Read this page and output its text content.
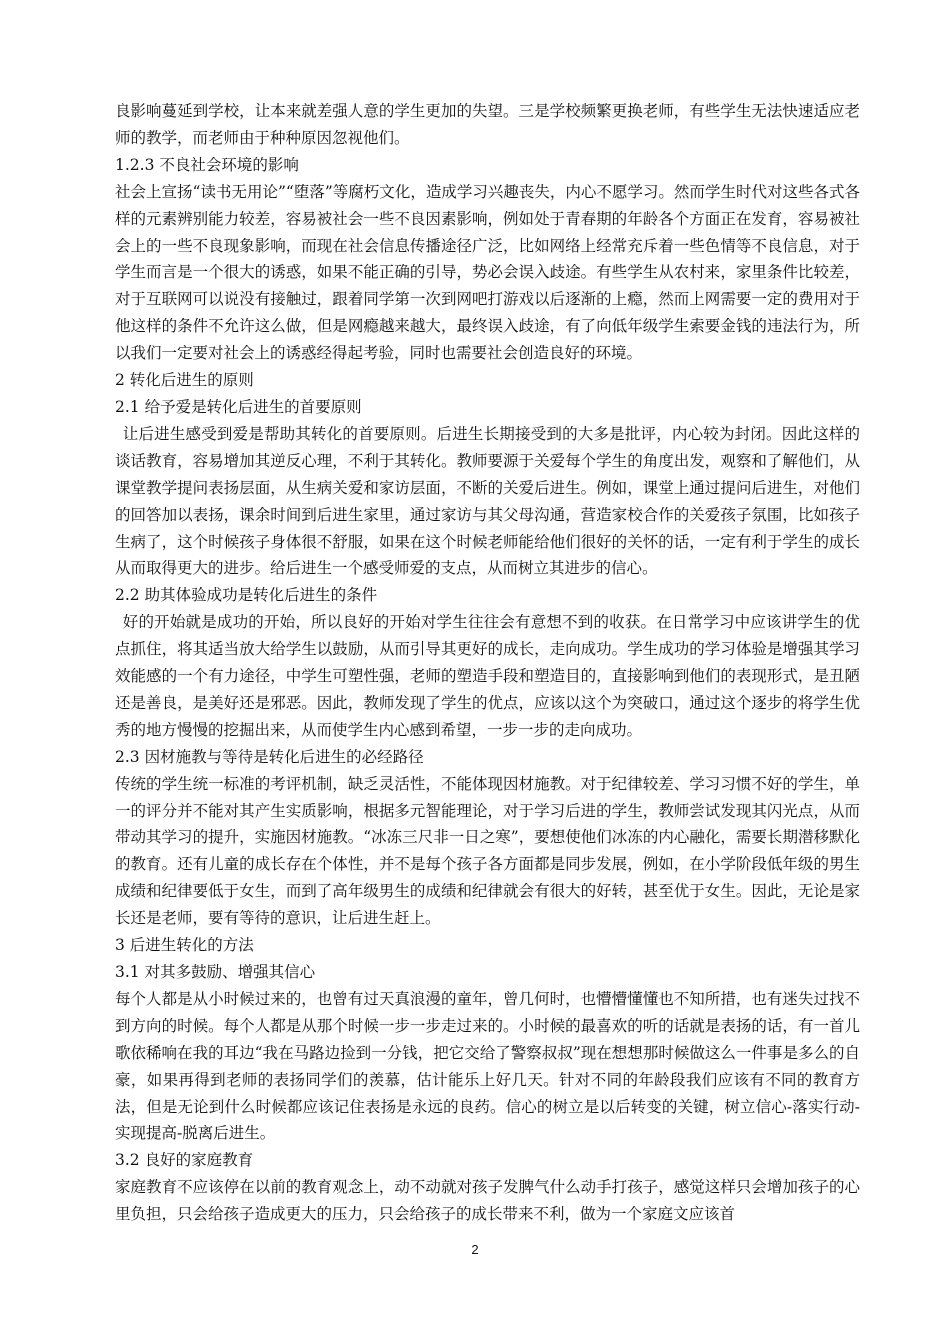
良影响蔓延到学校，让本来就差强人意的学生更加的失望。三是学校频繁更换老师，有些学生无法快速适应老师的教学，而老师由于种种原因忽视他们。

1.2.3 不良社会环境的影响

社会上宣扬“读书无用论”“堕落”等腐朽文化，造成学习兴趣丧失，内心不愿学习。然而学生时代对这些各式各样的元素辨别能力较差，容易被社会一些不良因素影响，例如处于青春期的年龄各个方面正在发育，容易被社会上的一些不良现象影响，而现在社会信息传播途径广泛，比如网络上经常充斥着一些色情等不良信息，对于学生而言是一个很大的诱惑，如果不能正确的引导，势必会误入歧途。有些学生从农村来，家里条件比较差，对于互联网可以说没有接触过，跟着同学第一次到网吧打游戏以后逐渐的上瘾，然而上网需要一定的费用对于他这样的条件不允许这么做，但是网瘾越来越大，最终误入歧途，有了向低年级学生索要金钱的违法行为，所以我们一定要对社会上的诱惑经得起考验，同时也需要社会创造良好的环境。

2 转化后进生的原则

2.1 给予爱是转化后进生的首要原则

让后进生感受到爱是帮助其转化的首要原则。后进生长期接受到的大多是批评，内心较为封闭。因此这样的谈话教育，容易增加其逆反心理，不利于其转化。教师要源于关爱每个学生的角度出发，观察和了解他们，从课堂教学提问表扬层面，从生病关爱和家访层面，不断的关爱后进生。例如，课堂上通过提问后进生，对他们的回答加以表扬，课余时间到后进生家里，通过家访与其父母沟通，营造家校合作的关爱孩子氛围，比如孩子生病了，这个时候孩子身体很不舒服，如果在这个时候老师能给他们很好的关怀的话，一定有利于学生的成长从而取得更大的进步。给后进生一个感受师爱的支点，从而树立其进步的信心。

2.2 助其体验成功是转化后进生的条件

好的开始就是成功的开始，所以良好的开始对学生往往会有意想不到的收获。在日常学习中应该讲学生的优点抓住，将其适当放大给学生以鼓励，从而引导其更好的成长，走向成功。学生成功的学习体验是增强其学习效能感的一个有力途径，中学生可塑性强，老师的塑造手段和塑造目的，直接影响到他们的表现形式，是丑陋还是善良，是美好还是邪恶。因此，教师发现了学生的优点，应该以这个为突破口，通过这个逐步的将学生优秀的地方慢慢的挖掘出来，从而使学生内心感到希望，一步一步的走向成功。

2.3 因材施教与等待是转化后进生的必经路径

传统的学生统一标准的考评机制，缺乏灵活性，不能体现因材施教。对于纪律较差、学习习惯不好的学生，单一的评分并不能对其产生实质影响，根据多元智能理论，对于学习后进的学生，教师尝试发现其闪光点，从而带动其学习的提升，实施因材施教。“冰冻三尺非一日之寒”，要想使他们冰冻的内心融化，需要长期潜移默化的教育。还有儿童的成长存在个体性，并不是每个孩子各方面都是同步发展，例如，在小学阶段低年级的男生成绩和纪律要低于女生，而到了高年级男生的成绩和纪律就会有很大的好转，甚至优于女生。因此，无论是家长还是老师，要有等待的意识，让后进生赶上。

3 后进生转化的方法

3.1 对其多鼓励、增强其信心

每个人都是从小时候过来的，也曾有过天真浪漫的童年，曾几何时，也懵懵懂懂也不知所措，也有迷失过找不到方向的时候。每个人都是从那个时候一步一步走过来的。小时候的最喜欢的听的话就是表扬的话，有一首儿歌依稀响在我的耳边“我在马路边捡到一分钱，把它交给了警察叔叔”现在想想那时候做这么一件事是多么的自豪，如果再得到老师的表扬同学们的羡慕，估计能乐上好几天。针对不同的年龄段我们应该有不同的教育方法，但是无论到什么时候都应该记住表扬是永远的良药。信心的树立是以后转变的关键，树立信心-落实行动-实现提高-脱离后进生。

3.2 良好的家庭教育

家庭教育不应该停在以前的教育观念上，动不动就对孩子发脾气什么动手打孩子，感觉这样只会增加孩子的心里负担，只会给孩子造成更大的压力，只会给孩子的成长带来不利，做为一个家庭文应该首

2
